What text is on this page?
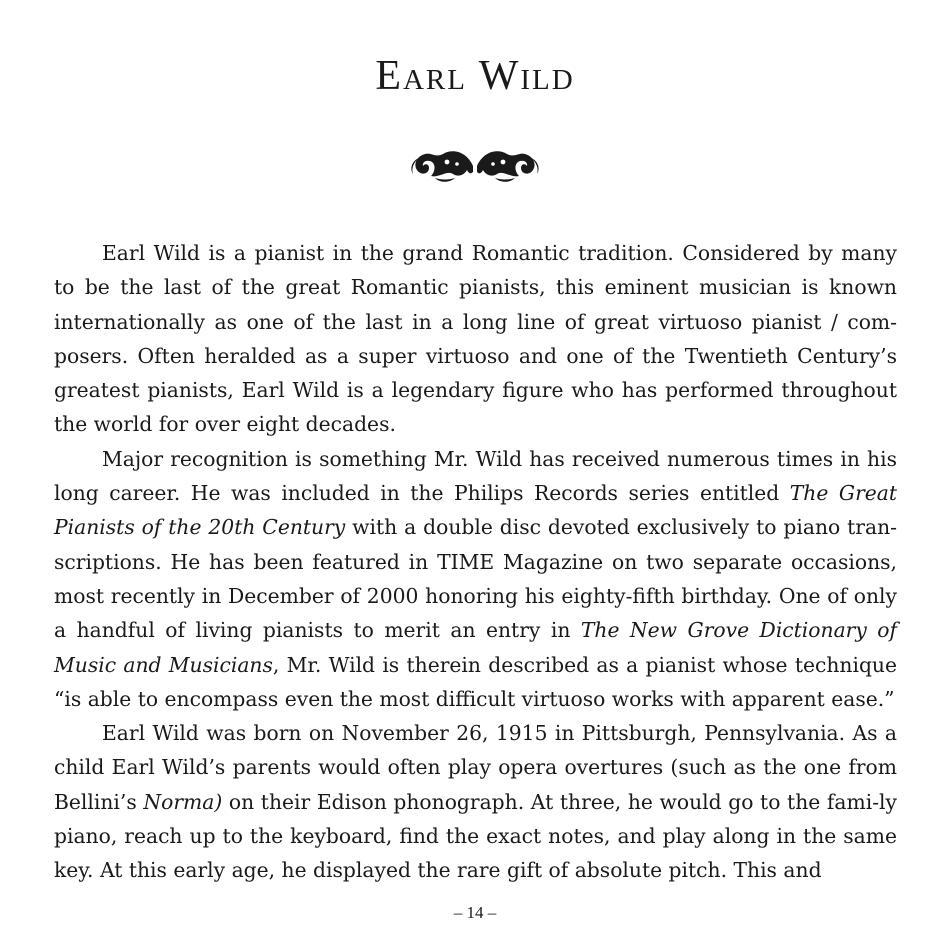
Earl Wild

Earl Wild is a pianist in the grand Romantic tradition. Considered by many to be the last of the great Romantic pianists, this eminent musician is known internationally as one of the last in a long line of great virtuoso pianist / com-posers. Often heralded as a super virtuoso and one of the Twentieth Century’s greatest pianists, Earl Wild is a legendary figure who has performed throughout the world for over eight decades.

Major recognition is something Mr. Wild has received numerous times in his long career. He was included in the Philips Records series entitled The Great Pianists of the 20th Century with a double disc devoted exclusively to piano tran-scriptions. He has been featured in TIME Magazine on two separate occasions, most recently in December of 2000 honoring his eighty-fifth birthday. One of only a handful of living pianists to merit an entry in The New Grove Dictionary of Music and Musicians, Mr. Wild is therein described as a pianist whose technique “is able to encompass even the most difficult virtuoso works with apparent ease.”

Earl Wild was born on November 26, 1915 in Pittsburgh, Pennsylvania. As a child Earl Wild’s parents would often play opera overtures (such as the one from Bellini’s Norma) on their Edison phonograph. At three, he would go to the fami-ly piano, reach up to the keyboard, find the exact notes, and play along in the same key. At this early age, he displayed the rare gift of absolute pitch. This and

– 14 –
